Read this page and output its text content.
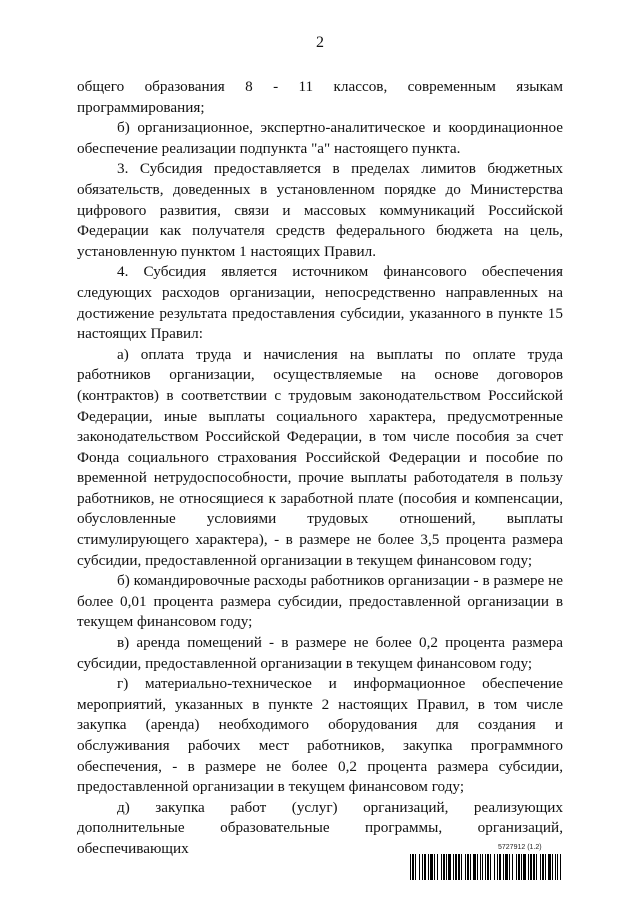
2

общего образования 8 - 11 классов, современным языкам программирования;

б) организационное, экспертно-аналитическое и координационное обеспечение реализации подпункта "а" настоящего пункта.

3. Субсидия предоставляется в пределах лимитов бюджетных обязательств, доведенных в установленном порядке до Министерства цифрового развития, связи и массовых коммуникаций Российской Федерации как получателя средств федерального бюджета на цель, установленную пунктом 1 настоящих Правил.

4. Субсидия является источником финансового обеспечения следующих расходов организации, непосредственно направленных на достижение результата предоставления субсидии, указанного в пункте 15 настоящих Правил:

а) оплата труда и начисления на выплаты по оплате труда работников организации, осуществляемые на основе договоров (контрактов) в соответствии с трудовым законодательством Российской Федерации, иные выплаты социального характера, предусмотренные законодательством Российской Федерации, в том числе пособия за счет Фонда социального страхования Российской Федерации и пособие по временной нетрудоспособности, прочие выплаты работодателя в пользу работников, не относящиеся к заработной плате (пособия и компенсации, обусловленные условиями трудовых отношений, выплаты стимулирующего характера), - в размере не более 3,5 процента размера субсидии, предоставленной организации в текущем финансовом году;

б) командировочные расходы работников организации - в размере не более 0,01 процента размера субсидии, предоставленной организации в текущем финансовом году;

в) аренда помещений - в размере не более 0,2 процента размера субсидии, предоставленной организации в текущем финансовом году;

г) материально-техническое и информационное обеспечение мероприятий, указанных в пункте 2 настоящих Правил, в том числе закупка (аренда) необходимого оборудования для создания и обслуживания рабочих мест работников, закупка программного обеспечения, - в размере не более 0,2 процента размера субсидии, предоставленной организации в текущем финансовом году;

д) закупка работ (услуг) организаций, реализующих дополнительные образовательные программы, организаций, обеспечивающих	5727912 (1.2)
